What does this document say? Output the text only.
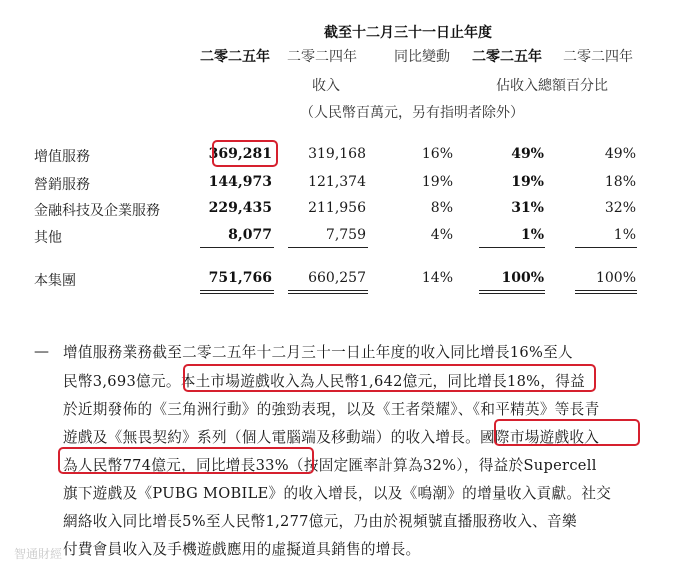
截至十二月三十一日止年度
二零二五年 二零二四年	同比變動 二零二五年 二零二四年
收入	佔收入總額百分比
（人民幣百萬元，另有指明者除外）
增值服務	369,281	319,168	16%	49%	49%
營銷服務	144,973	121,374	19%	19%	18%
金融科技及企業服務	229,435	211,956	8%	31%	32%
其他	8,077	7,759	4%	1%	1%
本集團	751,766	660,257	14%	100%	100%
— 增值服務業務截至二零二五年十二月三十一日止年度的收入同比增長16%至人
民幣3,693億元。本土市場遊戲收入為人民幣1,642億元，同比增長18%，得益
於近期發佈的《三角洲行動》的強勁表現，以及《王者榮耀》、《和平精英》等長青
遊戲及《無畏契約》系列（個人電腦端及移動端）的收入增長。國際市場遊戲收入
為人民幣774億元，同比增長33%（按固定匯率計算為32%），得益於Supercell
旗下遊戲及《PUBG MOBILE》的收入增長，以及《鳴潮》的增量收入貢獻。社交
網絡收入同比增長5%至人民幣1,277億元，乃由於視頻號直播服務收入、音樂
付費會員收入及手機遊戲應用的虛擬道具銷售的增長。
智通財經
